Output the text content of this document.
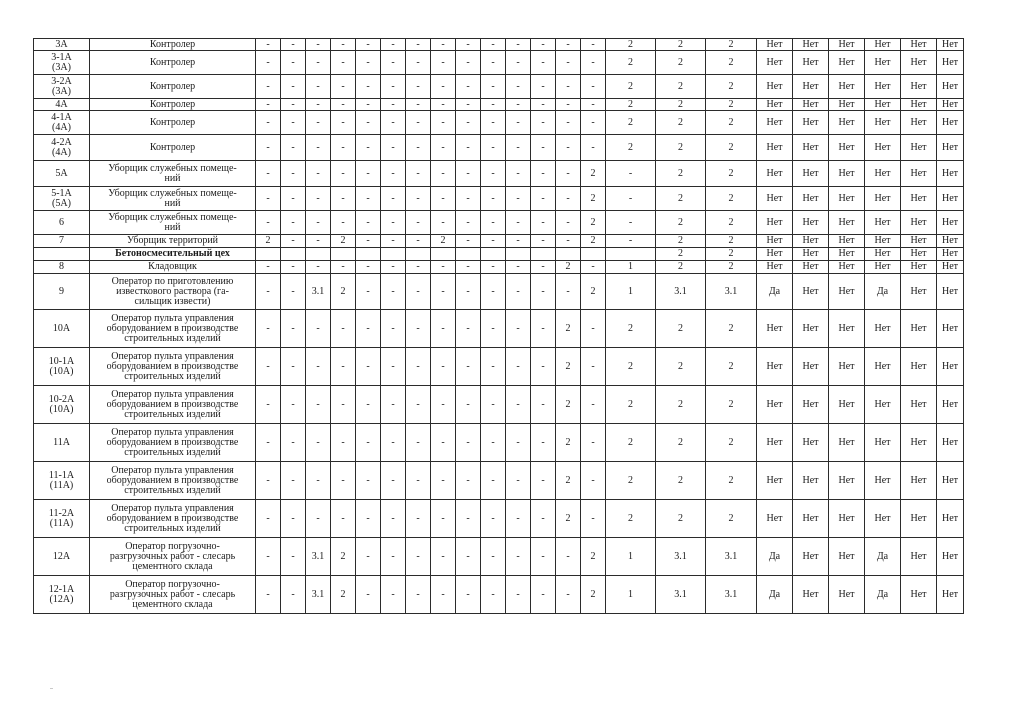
3А	Контролер	-	-	-	-	-	-	-	-	-	-	-	-	-	-	2	2	2	Нет	Нет	Нет	Нет	Нет	Нет
3-1А
(3А)	Контролер	-	-	-	-	-	-	-	-	-	-	-	-	-	-	2	2	2	Нет	Нет	Нет	Нет	Нет	Нет
3-2А
(3А)	Контролер	-	-	-	-	-	-	-	-	-	-	-	-	-	-	2	2	2	Нет	Нет	Нет	Нет	Нет	Нет
4А	Контролер	-	-	-	-	-	-	-	-	-	-	-	-	-	-	2	2	2	Нет	Нет	Нет	Нет	Нет	Нет
4-1А
(4А)	Контролер	-	-	-	-	-	-	-	-	-	-	-	-	-	-	2	2	2	Нет	Нет	Нет	Нет	Нет	Нет
4-2А
(4А)	Контролер	-	-	-	-	-	-	-	-	-	-	-	-	-	-	2	2	2	Нет	Нет	Нет	Нет	Нет	Нет
5А	Уборщик служебных помеще-
ний	-	-	-	-	-	-	-	-	-	-	-	-	-	2	-	2	2	Нет	Нет	Нет	Нет	Нет	Нет
5-1А
(5А)	Уборщик служебных помеще-
ний	-	-	-	-	-	-	-	-	-	-	-	-	-	2	-	2	2	Нет	Нет	Нет	Нет	Нет	Нет
6	Уборщик служебных помеще-
ний	-	-	-	-	-	-	-	-	-	-	-	-	-	2	-	2	2	Нет	Нет	Нет	Нет	Нет	Нет
7	Уборщик территорий	2	-	-	2	-	-	-	2	-	-	-	-	-	2	-	2	2	Нет	Нет	Нет	Нет	Нет	Нет
	Бетоносмесительный цех																2	2	Нет	Нет	Нет	Нет	Нет	Нет
8	Кладовщик	-	-	-	-	-	-	-	-	-	-	-	-	2	-	1	2	2	Нет	Нет	Нет	Нет	Нет	Нет
9	Оператор по приготовлению
известкового раствора (га-
сильщик извести)	-	-	3.1	2	-	-	-	-	-	-	-	-	-	2	1	3.1	3.1	Да	Нет	Нет	Да	Нет	Нет
10А	Оператор пульта управления
оборудованием в производстве
строительных изделий	-	-	-	-	-	-	-	-	-	-	-	-	2	-	2	2	2	Нет	Нет	Нет	Нет	Нет	Нет
10-1А
(10А)	Оператор пульта управления
оборудованием в производстве
строительных изделий	-	-	-	-	-	-	-	-	-	-	-	-	2	-	2	2	2	Нет	Нет	Нет	Нет	Нет	Нет
10-2А
(10А)	Оператор пульта управления
оборудованием в производстве
строительных изделий	-	-	-	-	-	-	-	-	-	-	-	-	2	-	2	2	2	Нет	Нет	Нет	Нет	Нет	Нет
11А	Оператор пульта управления
оборудованием в производстве
строительных изделий	-	-	-	-	-	-	-	-	-	-	-	-	2	-	2	2	2	Нет	Нет	Нет	Нет	Нет	Нет
11-1А
(11А)	Оператор пульта управления
оборудованием в производстве
строительных изделий	-	-	-	-	-	-	-	-	-	-	-	-	2	-	2	2	2	Нет	Нет	Нет	Нет	Нет	Нет
11-2А
(11А)	Оператор пульта управления
оборудованием в производстве
строительных изделий	-	-	-	-	-	-	-	-	-	-	-	-	2	-	2	2	2	Нет	Нет	Нет	Нет	Нет	Нет
12А	Оператор погрузочно-
разгрузочных работ - слесарь
цементного склада	-	-	3.1	2	-	-	-	-	-	-	-	-	-	2	1	3.1	3.1	Да	Нет	Нет	Да	Нет	Нет
12-1А
(12А)	Оператор погрузочно-
разгрузочных работ - слесарь
цементного склада	-	-	3.1	2	-	-	-	-	-	-	-	-	-	2	1	3.1	3.1	Да	Нет	Нет	Да	Нет	Нет
